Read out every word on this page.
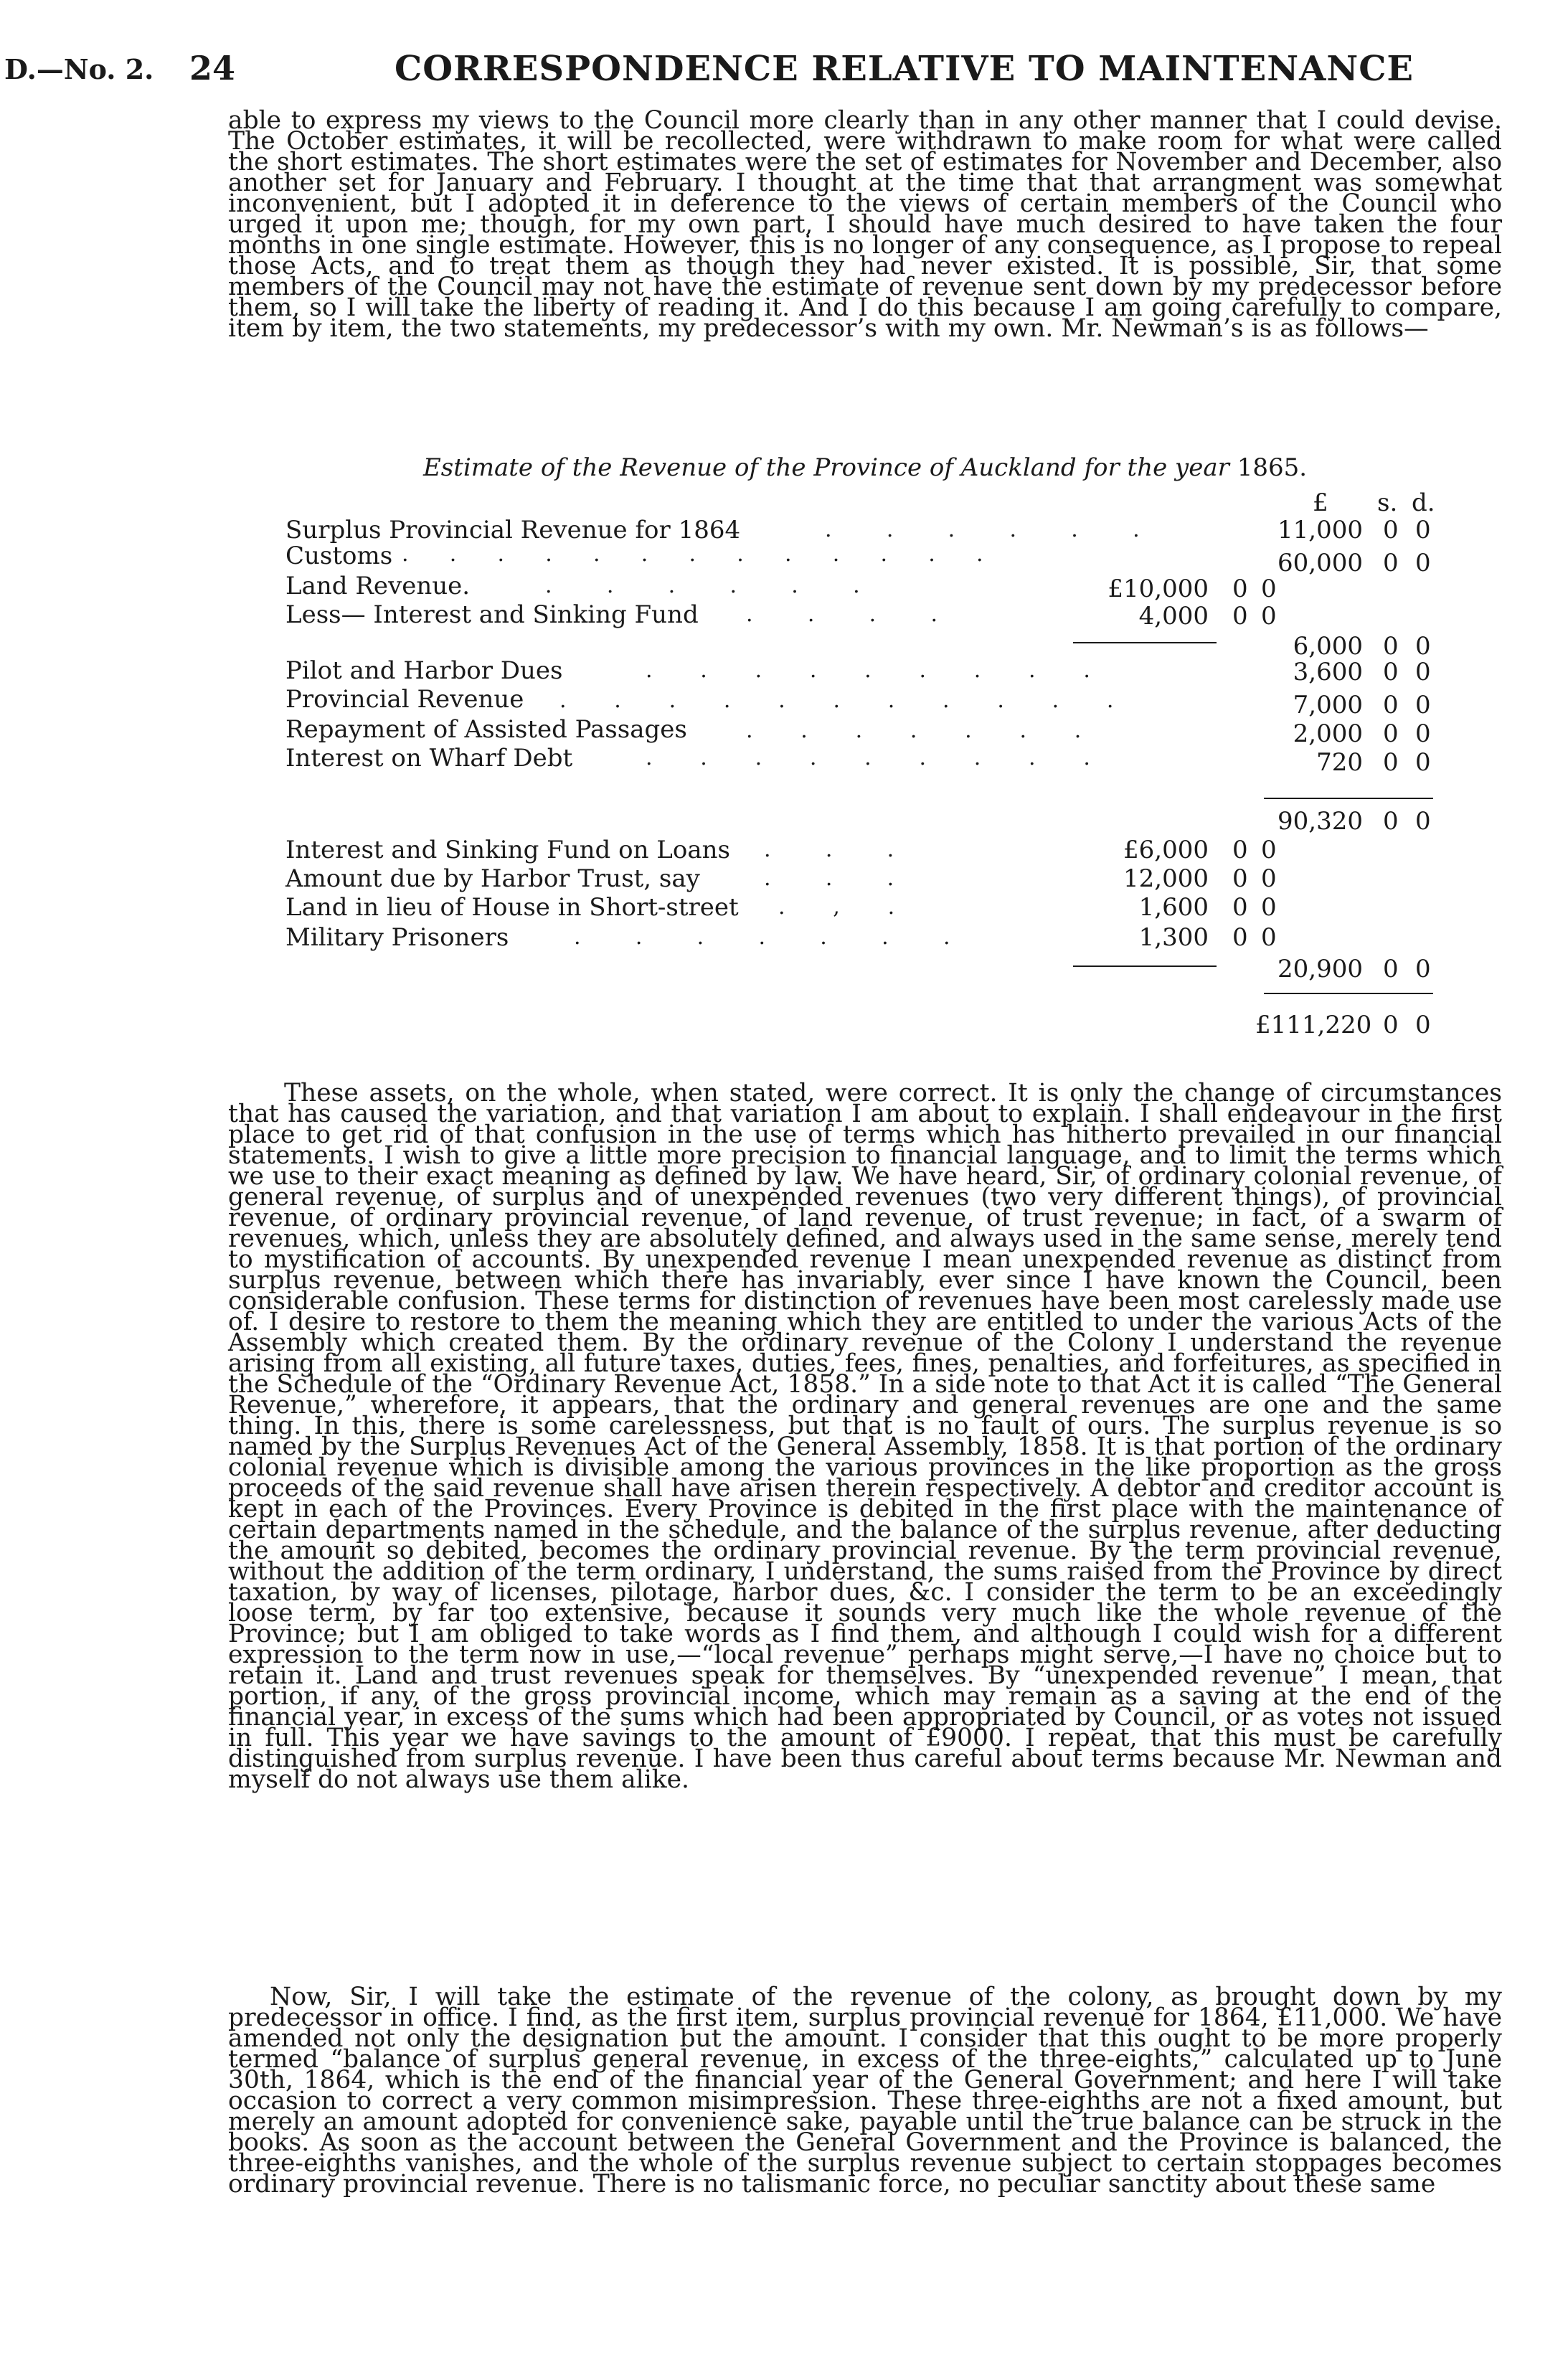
D.—No. 2. 24	CORRESPONDENCE RELATIVE TO MAINTENANCE

able to express my views to the Council more clearly than in any other manner that I could devise. The October estimates, it will be recollected, were withdrawn to make room for what were called the short estimates. The short estimates were the set of estimates for November and December, also another set for January and February. I thought at the time that that arrangment was somewhat inconvenient, but I adopted it in deference to the views of certain members of the Council who urged it upon me; though, for my own part, I should have much desired to have taken the four months in one single estimate. However, this is no longer of any consequence, as I propose to repeal those Acts, and to treat them as though they had never existed. It is possible, Sir, that some members of the Council may not have the estimate of revenue sent down by my predecessor before them, so I will take the liberty of reading it. And I do this because I am going carefully to compare, item by item, the two statements, my predecessor’s with my own. Mr. Newman’s is as follows—

Estimate of the Revenue of the Province of Auckland for the year 1865.

£ s. d.
Surplus Provincial Revenue for 1864	.        .        .        .        .        .	11,000 0 0
Customs .      .      .      .      .      .      .      .      .      .      .      .      .	60,000 0 0
Land Revenue.	.        .        .        .        .        .	£10,000 0 0
Less— Interest and Sinking Fund .        .        .        .	4,000 0 0
6,000 0 0
Pilot and Harbor Dues	.       .       .       .       .       .       .       .       .	3,600 0 0
Provincial Revenue .       .       .       .       .       .       .       .       .       .       .	7,000 0 0
Repayment of Assisted Passages	.       .       .       .       .       .       .	2,000 0 0
Interest on Wharf Debt	.       .       .       .       .       .       .       .       .	720 0 0
90,320 0 0
Interest and Sinking Fund on Loans .        .        .	£6,000 0 0
Amount due by Harbor Trust, say	.        .        .	12,000 0 0
Land in lieu of House in Short-street .       ,       .	1,600 0 0
Military Prisoners	.        .        .        .        .        .        .	1,300 0 0
20,900 0 0
£111,220 0 0

These assets, on the whole, when stated, were correct. It is only the change of circumstances that has caused the variation, and that variation I am about to explain. I shall endeavour in the first place to get rid of that confusion in the use of terms which has hitherto prevailed in our financial statements. I wish to give a little more precision to financial language, and to limit the terms which we use to their exact meaning as defined by law. We have heard, Sir, of ordinary colonial revenue, of general revenue, of surplus and of unexpended revenues (two very different things), of provincial revenue, of ordinary provincial revenue, of land revenue, of trust revenue; in fact, of a swarm of revenues, which, unless they are absolutely defined, and always used in the same sense, merely tend to mystification of accounts. By unexpended revenue I mean unexpended revenue as distinct from surplus revenue, between which there has invariably, ever since I have known the Council, been considerable confusion. These terms for distinction of revenues have been most carelessly made use of. I desire to restore to them the meaning which they are entitled to under the various Acts of the Assembly which created them. By the ordinary revenue of the Colony I understand the revenue arising from all existing, all future taxes, duties, fees, fines, penalties, and forfeitures, as specified in the Schedule of the “Ordinary Revenue Act, 1858.” In a side note to that Act it is called “The General Revenue,” wherefore, it appears, that the ordinary and general revenues are one and the same thing. In this, there is some carelessness, but that is no fault of ours. The surplus revenue is so named by the Surplus Revenues Act of the General Assembly, 1858. It is that portion of the ordinary colonial revenue which is divisible among the various provinces in the like proportion as the gross proceeds of the said revenue shall have arisen therein respectively. A debtor and creditor account is kept in each of the Provinces. Every Province is debited in the first place with the maintenance of certain departments named in the schedule, and the balance of the surplus revenue, after deducting the amount so debited, becomes the ordinary provincial revenue. By the term provincial revenue, without the addition of the term ordinary, I understand, the sums raised from the Province by direct taxation, by way of licenses, pilotage, harbor dues, &c. I consider the term to be an exceedingly loose term, by far too extensive, because it sounds very much like the whole revenue of the Province; but I am obliged to take words as I find them, and although I could wish for a different expression to the term now in use,—“local revenue” perhaps might serve,—I have no choice but to retain it. Land and trust revenues speak for themselves. By “unexpended revenue” I mean, that portion, if any, of the gross provincial income, which may remain as a saving at the end of the financial year, in excess of the sums which had been appropriated by Council, or as votes not issued in full. This year we have savings to the amount of £9000. I repeat, that this must be carefully distinguished from surplus revenue. I have been thus careful about terms because Mr. Newman and myself do not always use them alike.

Now, Sir, I will take the estimate of the revenue of the colony, as brought down by my predecessor in office. I find, as the first item, surplus provincial revenue for 1864, £11,000. We have amended not only the designation but the amount. I consider that this ought to be more properly termed “balance of surplus general revenue, in excess of the three-eights,” calculated up to June 30th, 1864, which is the end of the financial year of the General Government; and here I will take occasion to correct a very common misimpression. These three-eighths are not a fixed amount, but merely an amount adopted for convenience sake, payable until the true balance can be struck in the books. As soon as the account between the General Government and the Province is balanced, the three-eighths vanishes, and the whole of the surplus revenue subject to certain stoppages becomes ordinary provincial revenue. There is no talismanic force, no peculiar sanctity about these same
